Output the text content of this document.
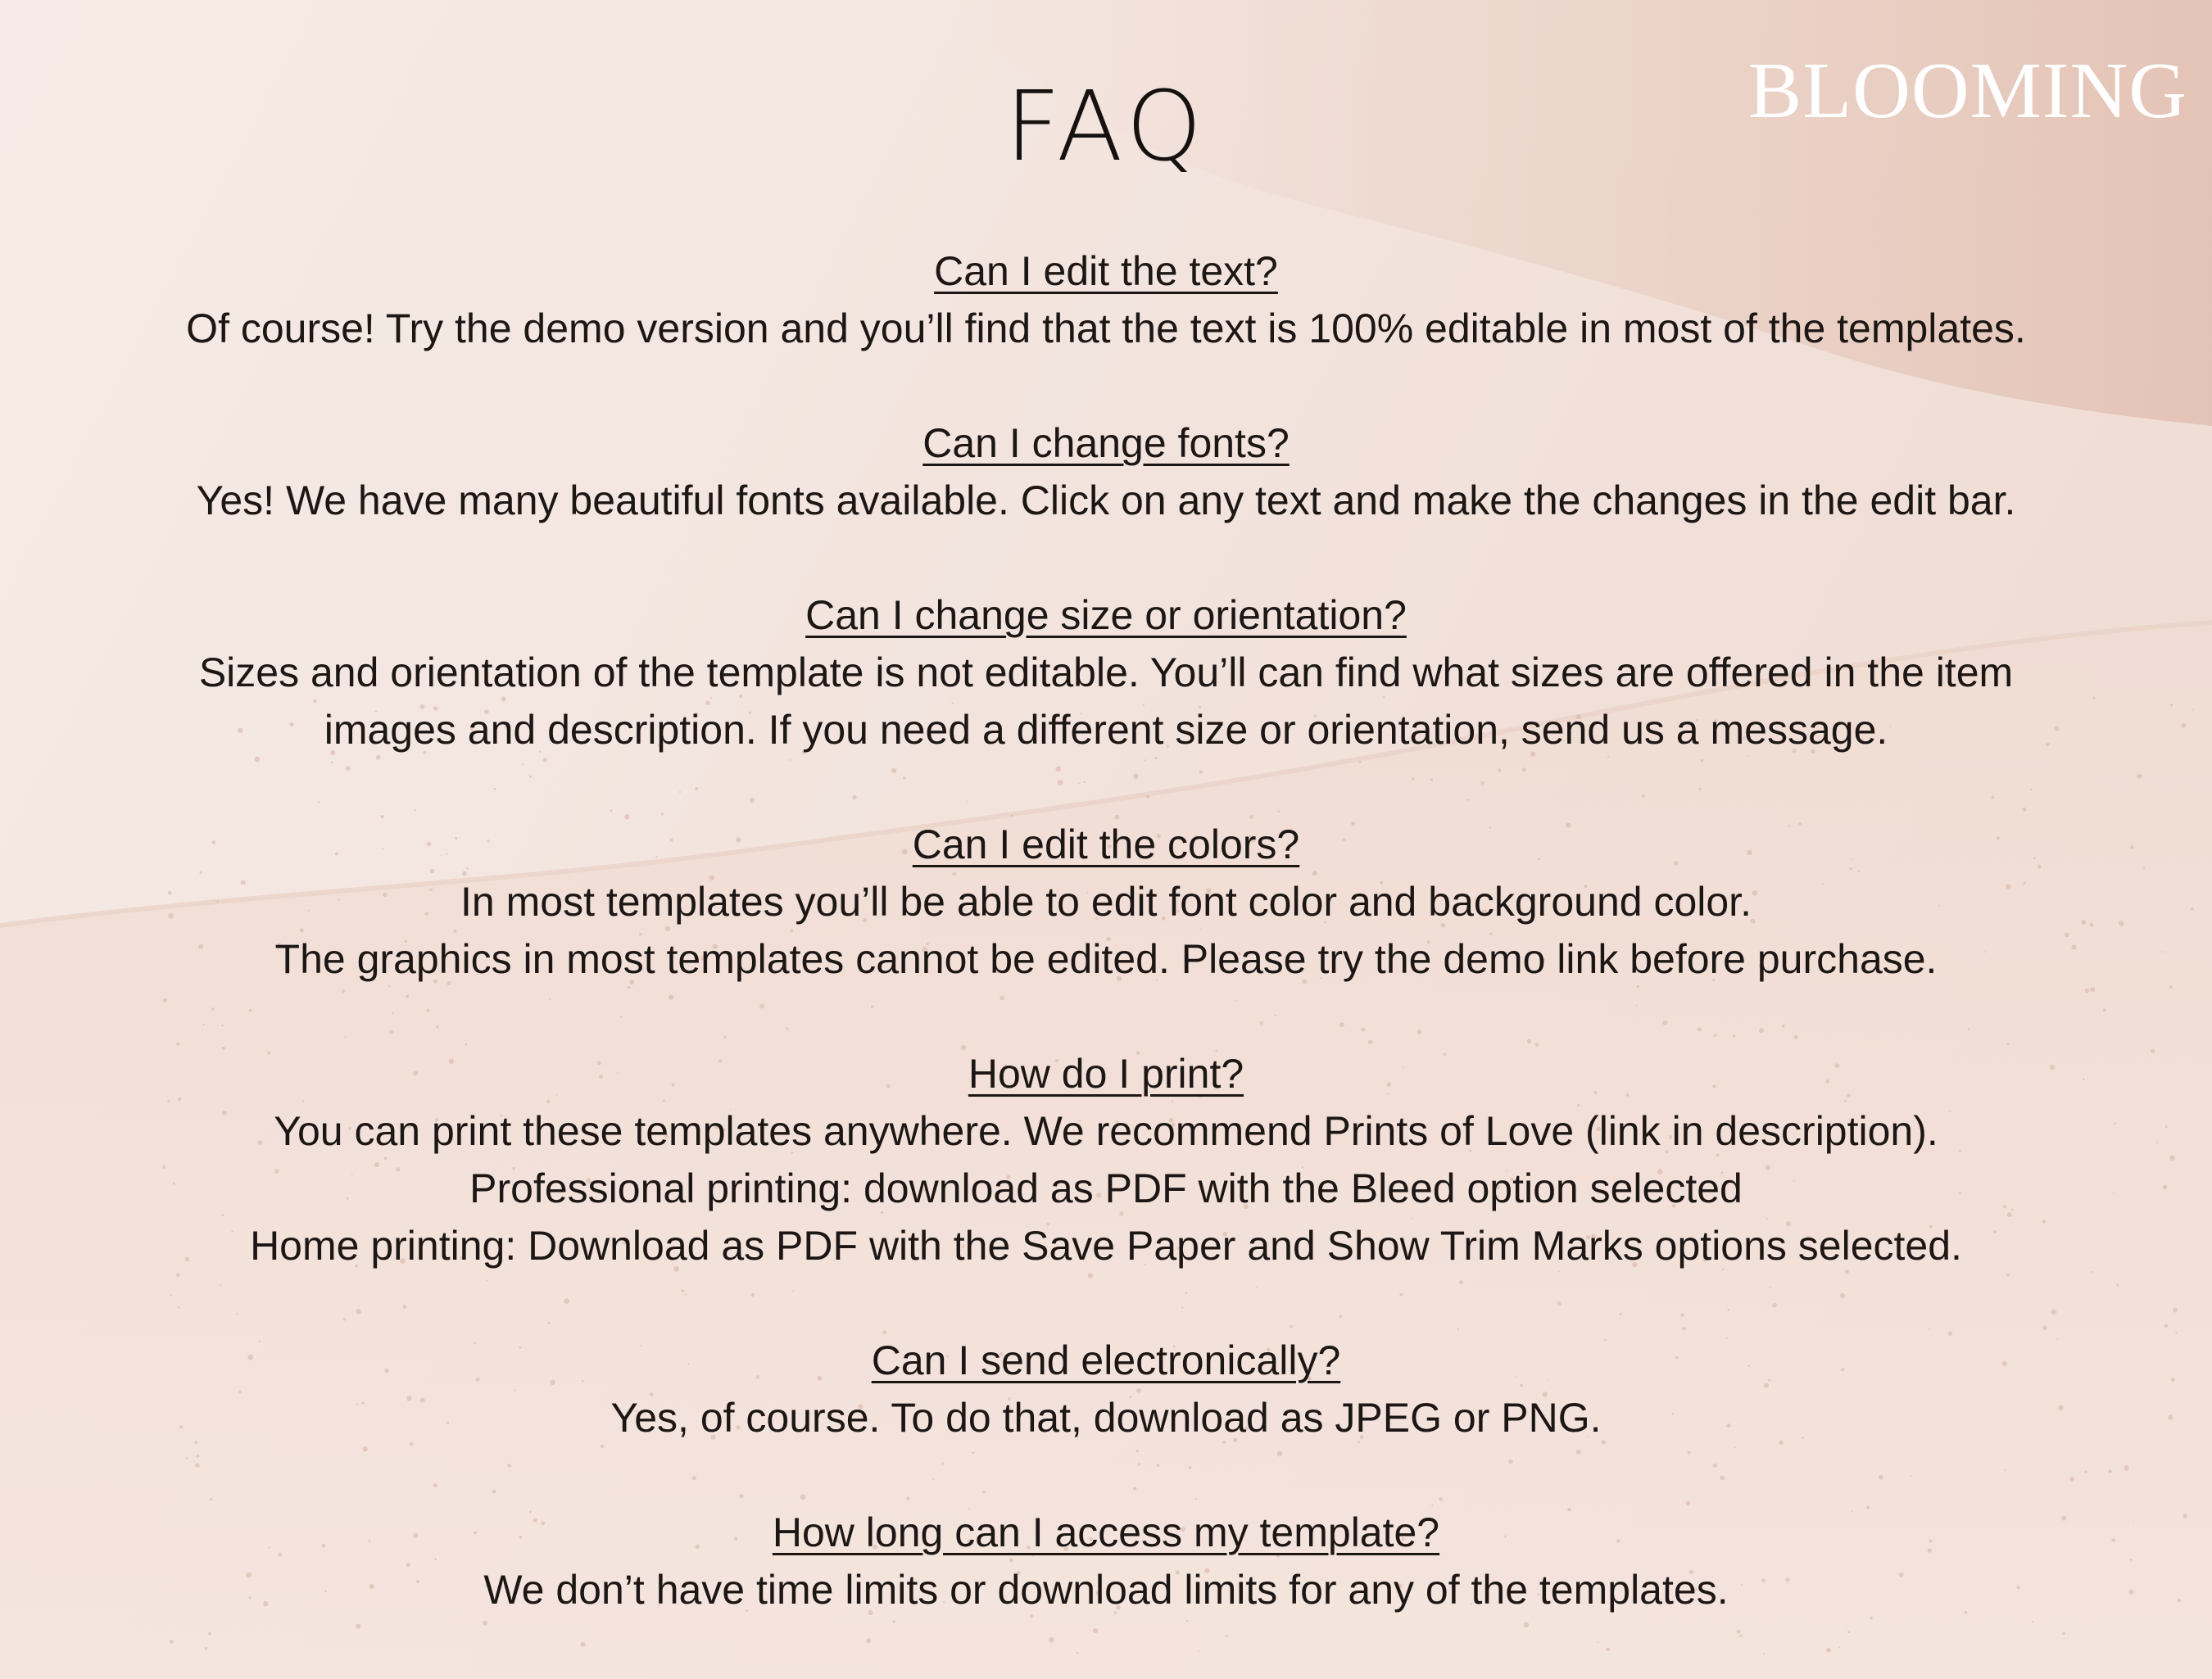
BLOOMING
FAQ
Can I edit the text?
Of course! Try the demo version and you’ll find that the text is 100% editable in most of the templates.
Can I change fonts?
Yes! We have many beautiful fonts available. Click on any text and make the changes in the edit bar.
Can I change size or orientation?
Sizes and orientation of the template is not editable. You’ll can find what sizes are offered in the item
images and description. If you need a different size or orientation, send us a message.
Can I edit the colors?
In most templates you’ll be able to edit font color and background color.
The graphics in most templates cannot be edited. Please try the demo link before purchase.
How do I print?
You can print these templates anywhere. We recommend Prints of Love (link in description).
Professional printing: download as PDF with the Bleed option selected
Home printing: Download as PDF with the Save Paper and Show Trim Marks options selected.
Can I send electronically?
Yes, of course. To do that, download as JPEG or PNG.
How long can I access my template?
We don’t have time limits or download limits for any of the templates.
